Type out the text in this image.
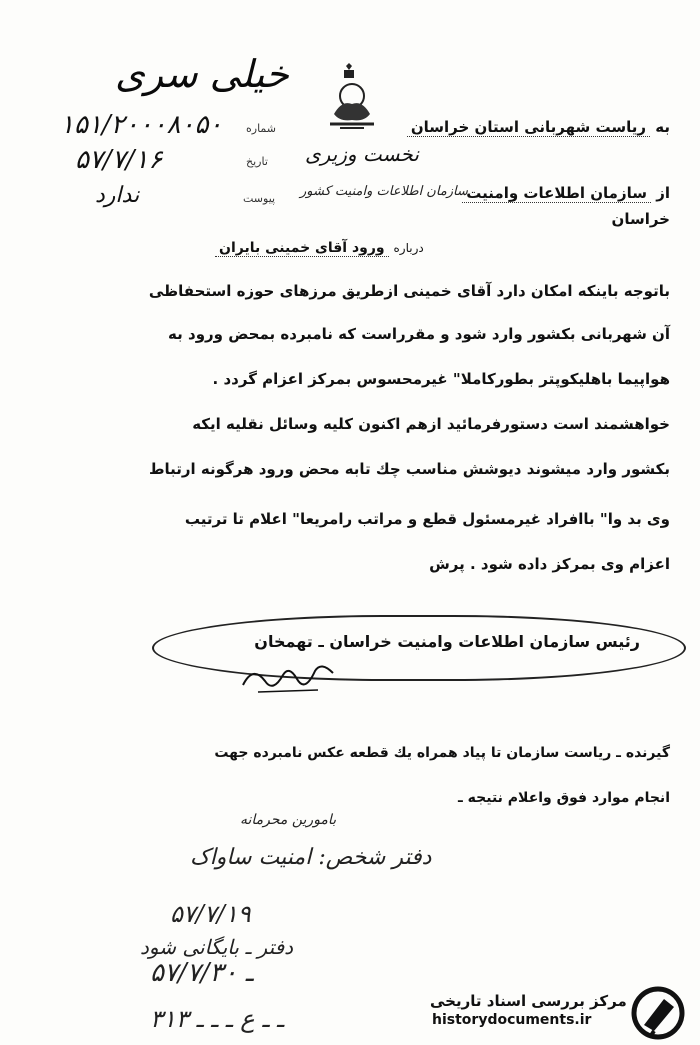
خیلی سری
شماره
۱۵۱/۲۰۰۰۸۰۵۰
تاریخ
۵۷/۷/۱۶
پیوست
ندارد
به ریاست شهربانی استان خراسان
نخست وزیری
از سازمان اطلاعات وامنیت
سازمان اطلاعات وامنیت کشور
خراسان
درباره ورود آقای خمینی بایران
باتوجه باینکه امکان دارد آقای خمینی ازطریق مرزهای حوزه استحفاظی
آن شهربانی بکشور وارد شود و مقرراست که نامبرده بمحض ورود به
هواپیما باهلیکوپتر بطورکاملا" غیرمحسوس بمرکز اعزام گردد .
خواهشمند است دستورفرمائید ازهم اکنون کلیه وسائل نقلیه ایکه
بکشور وارد میشوند دیوشش مناسب چك تابه محض ورود هرگونه ارتباط
وی بد وا" باافراد غیرمسئول قطع و مراتب رامریعا" اعلام تا ترتیب
اعزام وی بمرکز داده شود . پرش
رئیس سازمان اطلاعات وامنیت خراسان ـ تهمخان
گیرنده ـ ریاست سازمان تا پیاد همراه یك قطعه عکس نامبرده جهت
انجام موارد فوق واعلام نتیجه ـ
بامورین محرمانه
دفتر شخص: امنیت ساواک
۵۷/۷/۱۹
دفتر ـ بایگانی شود
۵۷/۷/۳۰ ـ
۳۱۳ ـ ـ ع ـ ـ ـ
مرکز بررسی اسناد تاریخی
historydocuments.ir
